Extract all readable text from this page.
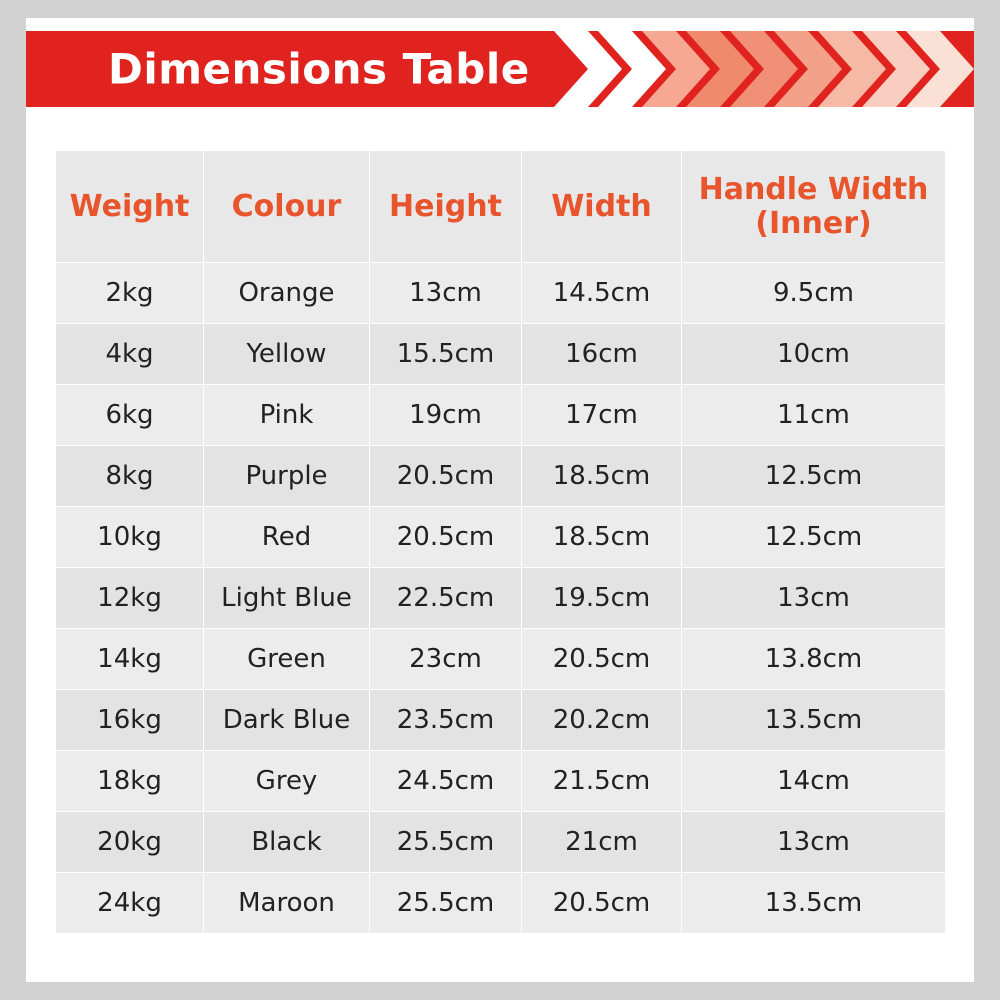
Dimensions Table
Weight	Colour	Height	Width	Handle Width (Inner)
2kg	Orange	13cm	14.5cm	9.5cm
4kg	Yellow	15.5cm	16cm	10cm
6kg	Pink	19cm	17cm	11cm
8kg	Purple	20.5cm	18.5cm	12.5cm
10kg	Red	20.5cm	18.5cm	12.5cm
12kg	Light Blue	22.5cm	19.5cm	13cm
14kg	Green	23cm	20.5cm	13.8cm
16kg	Dark Blue	23.5cm	20.2cm	13.5cm
18kg	Grey	24.5cm	21.5cm	14cm
20kg	Black	25.5cm	21cm	13cm
24kg	Maroon	25.5cm	20.5cm	13.5cm
